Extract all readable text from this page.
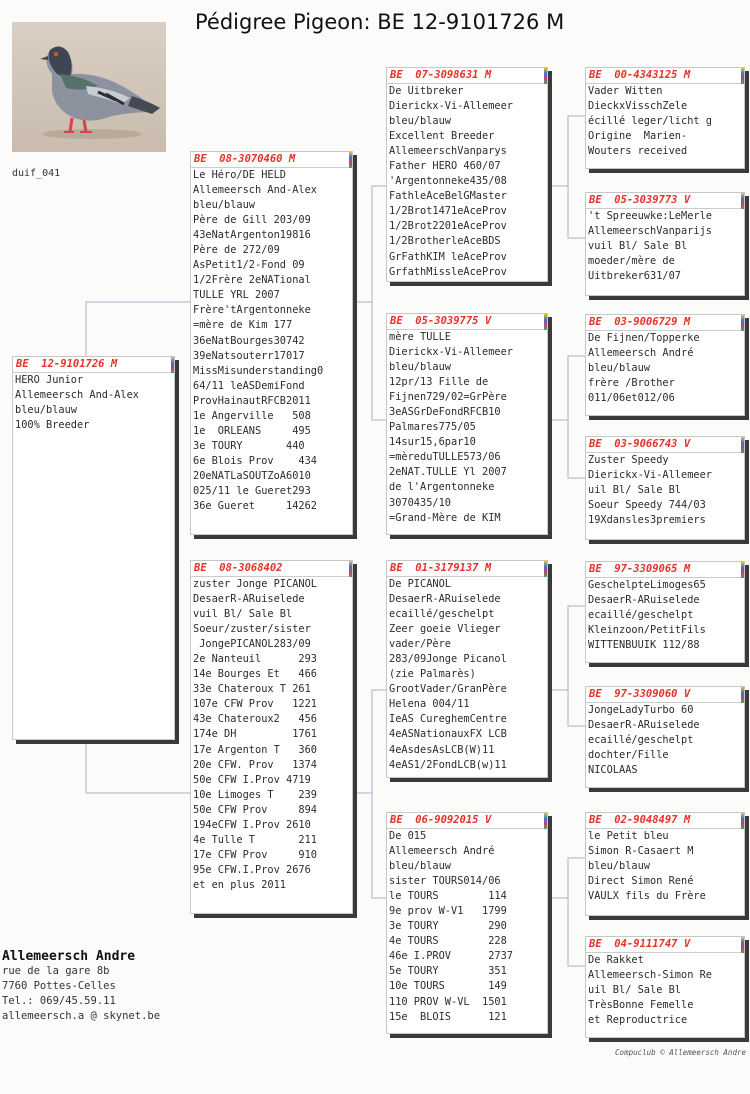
Pédigree Pigeon: BE 12-9101726 M
duif_041
BE  12-9101726 M
HERO Junior
Allemeersch And-Alex
bleu/blauw
100% Breeder
BE  08-3070460 M
Le Héro/DE HELD
Allemeersch And-Alex
bleu/blauw
Père de Gill 203/09
43eNatArgenton19816
Père de 272/09
AsPetit1/2-Fond 09
1/2Frère 2eNATional
TULLE YRL 2007
Frère'tArgentonneke
=mère de Kim 177
36eNatBourges30742
39eNatsouterr17017
MissMisunderstanding0
64/11 leASDemiFond
ProvHainautRFCB2011
1e Angerville   508
1e  ORLEANS     495
3e TOURY       440
6e Blois Prov    434
20eNATLaSOUTZoA6010
025/11 le Gueret293
36e Gueret     14262
BE  08-3068402
zuster Jonge PICANOL
DesaerR-ARuiselede
vuil Bl/ Sale Bl
Soeur/zuster/sister
JongePICANOL283/09
2e Nanteuil      293
14e Bourges Et   466
33e Chateroux T 261
107e CFW Prov   1221
43e Chateroux2   456
174e DH         1761
17e Argenton T   360
20e CFW. Prov   1374
50e CFW I.Prov 4719
10e Limoges T    239
50e CFW Prov     894
194eCFW I.Prov 2610
4e Tulle T       211
17e CFW Prov     910
95e CFW.I.Prov 2676
et en plus 2011
BE  07-3098631 M
De Uitbreker
Dierickx-Vi-Allemeer
bleu/blauw
Excellent Breeder
AllemeerschVanparys
Father HERO 460/07
'Argentonneke435/08
FathleAceBelGMaster
1/2Brot1471eAceProv
1/2Brot2201eAceProv
1/2BrotherleAceBDS
GrFathKIM leAceProv
GrfathMissleAceProv
BE  05-3039775 V
mère TULLE
Dierickx-Vi-Allemeer
bleu/blauw
12pr/13 Fille de
Fijnen729/02=GrPère
3eASGrDeFondRFCB10
Palmares775/05
14sur15,6par10
=mèreduTULLE573/06
2eNAT.TULLE Yl 2007
de l'Argentonneke
3070435/10
=Grand-Mère de KIM
BE  01-3179137 M
De PICANOL
DesaerR-ARuiselede
ecaillé/geschelpt
Zeer goeie Vlieger
vader/Père
283/09Jonge Picanol
(zie Palmarès)
GrootVader/GranPère
Helena 004/11
IeAS CureghemCentre
4eASNationauxFX LCB
4eAsdesAsLCB(W)11
4eAS1/2FondLCB(w)11
BE  06-9092015 V
De 015
Allemeersch André
bleu/blauw
sister TOURS014/06
le TOURS        114
9e prov W-V1   1799
3e TOURY        290
4e TOURS        228
46e I.PROV      2737
5e TOURY        351
10e TOURS       149
110 PROV W-VL  1501
15e  BLOIS      121
BE  00-4343125 M
Vader Witten
DieckxVisschZele
écillé leger/licht g
Origine  Marien-
Wouters received
BE  05-3039773 V
't Spreeuwke:LeMerle
AllemeerschVanparijs
vuil Bl/ Sale Bl
moeder/mère de
Uitbreker631/07
BE  03-9006729 M
De Fijnen/Topperke
Allemeersch André
bleu/blauw
frère /Brother
011/06et012/06
BE  03-9066743 V
Zuster Speedy
Dierickx-Vi-Allemeer
uil Bl/ Sale Bl
Soeur Speedy 744/03
19Xdansles3premiers
BE  97-3309065 M
GeschelpteLimoges65
DesaerR-ARuiselede
ecaillé/geschelpt
Kleinzoon/PetitFils
WITTENBUUIK 112/88
BE  97-3309060 V
JongeLadyTurbo 60
DesaerR-ARuiselede
ecaillé/geschelpt
dochter/Fille
NICOLAAS
BE  02-9048497 M
le Petit bleu
Simon R-Casaert M
bleu/blauw
Direct Simon René
VAULX fils du Frère
BE  04-9111747 V
De Rakket
Allemeersch-Simon Re
uil Bl/ Sale Bl
TrèsBonne Femelle
et Reproductrice
Allemeersch Andre
rue de la gare 8b
7760 Pottes-Celles
Tel.: 069/45.59.11
allemeersch.a @ skynet.be
Compuclub © Allemeersch Andre
